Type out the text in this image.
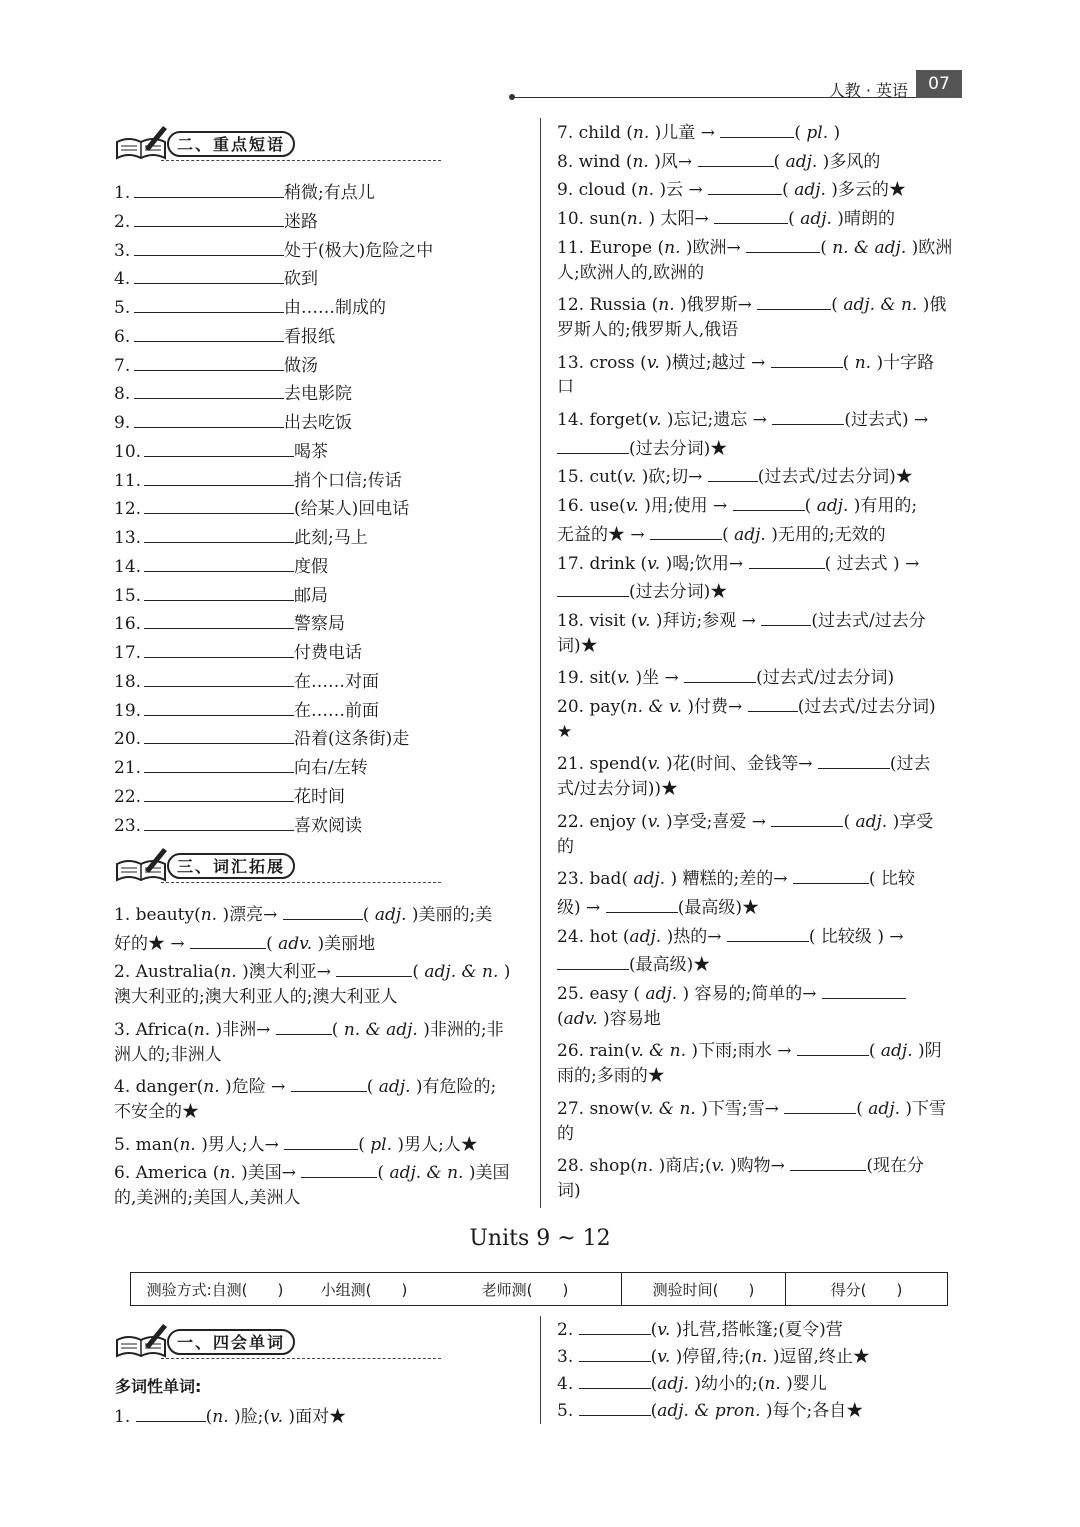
人教 · 英语	07
二、重点短语
1.	稍微;有点儿
2.	迷路
3.	处于(极大)危险之中
4.	砍到
5.	由……制成的
6.	看报纸
7.	做汤
8.	去电影院
9.	出去吃饭
10.	喝茶
11.	捎个口信;传话
12.	(给某人)回电话
13.	此刻;马上
14.	度假
15.	邮局
16.	警察局
17.	付费电话
18.	在……对面
19.	在……前面
20.	沿着(这条街)走
21.	向右/左转
22.	花时间
23.	喜欢阅读
三、词汇拓展
1. beauty(n. )漂亮→	( adj. )美丽的;美
好的★ →	( adv. )美丽地
2. Australia(n. )澳大利亚→	( adj. & n. )
澳大利亚的;澳大利亚人的;澳大利亚人
3. Africa(n. )非洲→	( n. & adj. )非洲的;非
洲人的;非洲人
4. danger(n. )危险 →	( adj. )有危险的;
不安全的★
5. man(n. )男人;人→	( pl. )男人;人★
6. America (n. )美国→	( adj. & n. )美国
的,美洲的;美国人,美洲人
7. child (n. )儿童 →	( pl. )
8. wind (n. )风→	( adj. )多风的
9. cloud (n. )云 →	( adj. )多云的★
10. sun(n. ) 太阳→	( adj. )晴朗的
11. Europe (n. )欧洲→	( n. & adj. )欧洲
人;欧洲人的,欧洲的
12. Russia (n. )俄罗斯→	( adj. & n. )俄
罗斯人的;俄罗斯人,俄语
13. cross (v. )横过;越过 →	( n. )十字路
口
14. forget(v. )忘记;遗忘 →	(过去式) →
(过去分词)★
15. cut(v. )砍;切→	(过去式/过去分词)★
16. use(v. )用;使用 →	( adj. )有用的;
无益的★ →	( adj. )无用的;无效的
17. drink (v. )喝;饮用→	( 过去式 ) →
(过去分词)★
18. visit (v. )拜访;参观 →	(过去式/过去分
词)★
19. sit(v. )坐 →	(过去式/过去分词)
20. pay(n. & v. )付费→	(过去式/过去分词)
★
21. spend(v. )花(时间、金钱等→	(过去
式/过去分词))★
22. enjoy (v. )享受;喜爱 →	( adj. )享受
的
23. bad( adj. ) 糟糕的;差的→	( 比较
级) →	(最高级)★
24. hot (adj. )热的→	( 比较级 ) →
(最高级)★
25. easy ( adj. ) 容易的;简单的→
(adv. )容易地
26. rain(v. & n. )下雨;雨水 →	( adj. )阴
雨的;多雨的★
27. snow(v. & n. )下雪;雪→	( adj. )下雪
的
28. shop(n. )商店;(v. )购物→	(现在分
词)
Units 9 ~ 12
测验方式:自测(　　)	小组测(　　)	老师测(　　)	测验时间(　　)	得分(　　)
一、四会单词
多词性单词:
1.	(n. )脸;(v. )面对★
2.	(v. )扎营,搭帐篷;(夏令)营
3.	(v. )停留,待;(n. )逗留,终止★
4.	(adj. )幼小的;(n. )婴儿
5.	(adj. & pron. )每个;各自★
